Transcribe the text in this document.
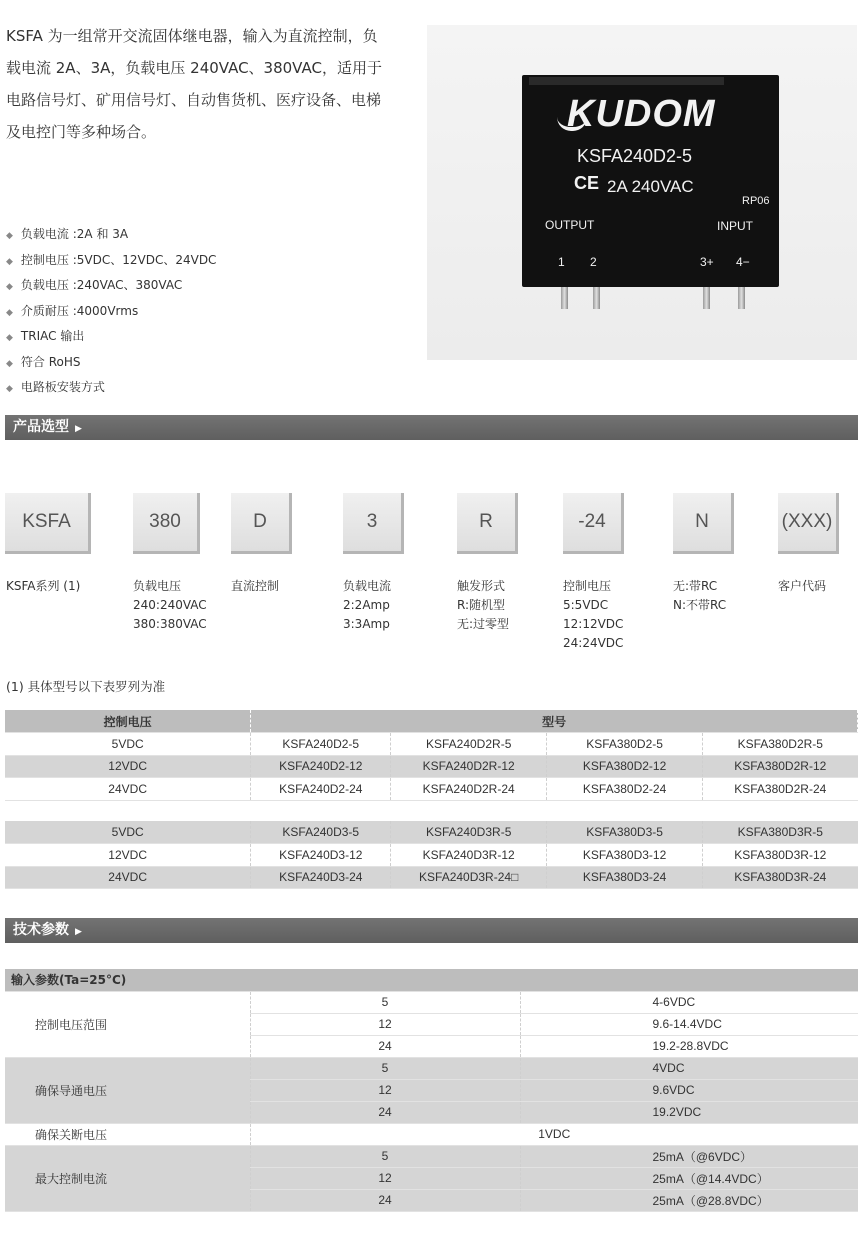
KSFA 为一组常开交流固体继电器，输入为直流控制，负载电流 2A、3A，负载电压 240VAC、380VAC，适用于电路信号灯、矿用信号灯、自动售货机、医疗设备、电梯及电控门等多种场合。

◆ 负载电流 :2A 和 3A
◆ 控制电压 :5VDC、12VDC、24VDC
◆ 负载电压 :240VAC、380VAC
◆ 介质耐压 :4000Vrms
◆ TRIAC 输出
◆ 符合 RoHS
◆ 电路板安装方式
KUDOM
KSFA240D2-5
CE 2A 240VAC
RP06
OUTPUT	INPUT
1 2	3+ 4−
产品选型 ▶
KSFA
KSFA系列 (1)
380
负载电压
240:240VAC
380:380VAC
D
直流控制
3
负载电流
2:2Amp
3:3Amp
R
触发形式
R:随机型
无:过零型
-24
控制电压
5:5VDC
12:12VDC
24:24VDC
N
无:带RC
N:不带RC
(XXX)
客户代码

(1) 具体型号以下表罗列为准

控制电压	型号			
5VDC	KSFA240D2-5	KSFA240D2R-5	KSFA380D2-5	KSFA380D2R-5
12VDC	KSFA240D2-12	KSFA240D2R-12	KSFA380D2-12	KSFA380D2R-12
24VDC	KSFA240D2-24	KSFA240D2R-24	KSFA380D2-24	KSFA380D2R-24

5VDC	KSFA240D3-5	KSFA240D3R-5	KSFA380D3-5	KSFA380D3R-5
12VDC	KSFA240D3-12	KSFA240D3R-12	KSFA380D3-12	KSFA380D3R-12
24VDC	KSFA240D3-24	KSFA240D3R-24□	KSFA380D3-24	KSFA380D3R-24
技术参数 ▶
输入参数(Ta=25°C)		
控制电压范围	5	4-6VDC
	12	9.6-14.4VDC
	24	19.2-28.8VDC
确保导通电压	5	4VDC
	12	9.6VDC
	24	19.2VDC
确保关断电压	1VDC	
最大控制电流	5	25mA（@6VDC）
	12	25mA（@14.4VDC）
	24	25mA（@28.8VDC）
